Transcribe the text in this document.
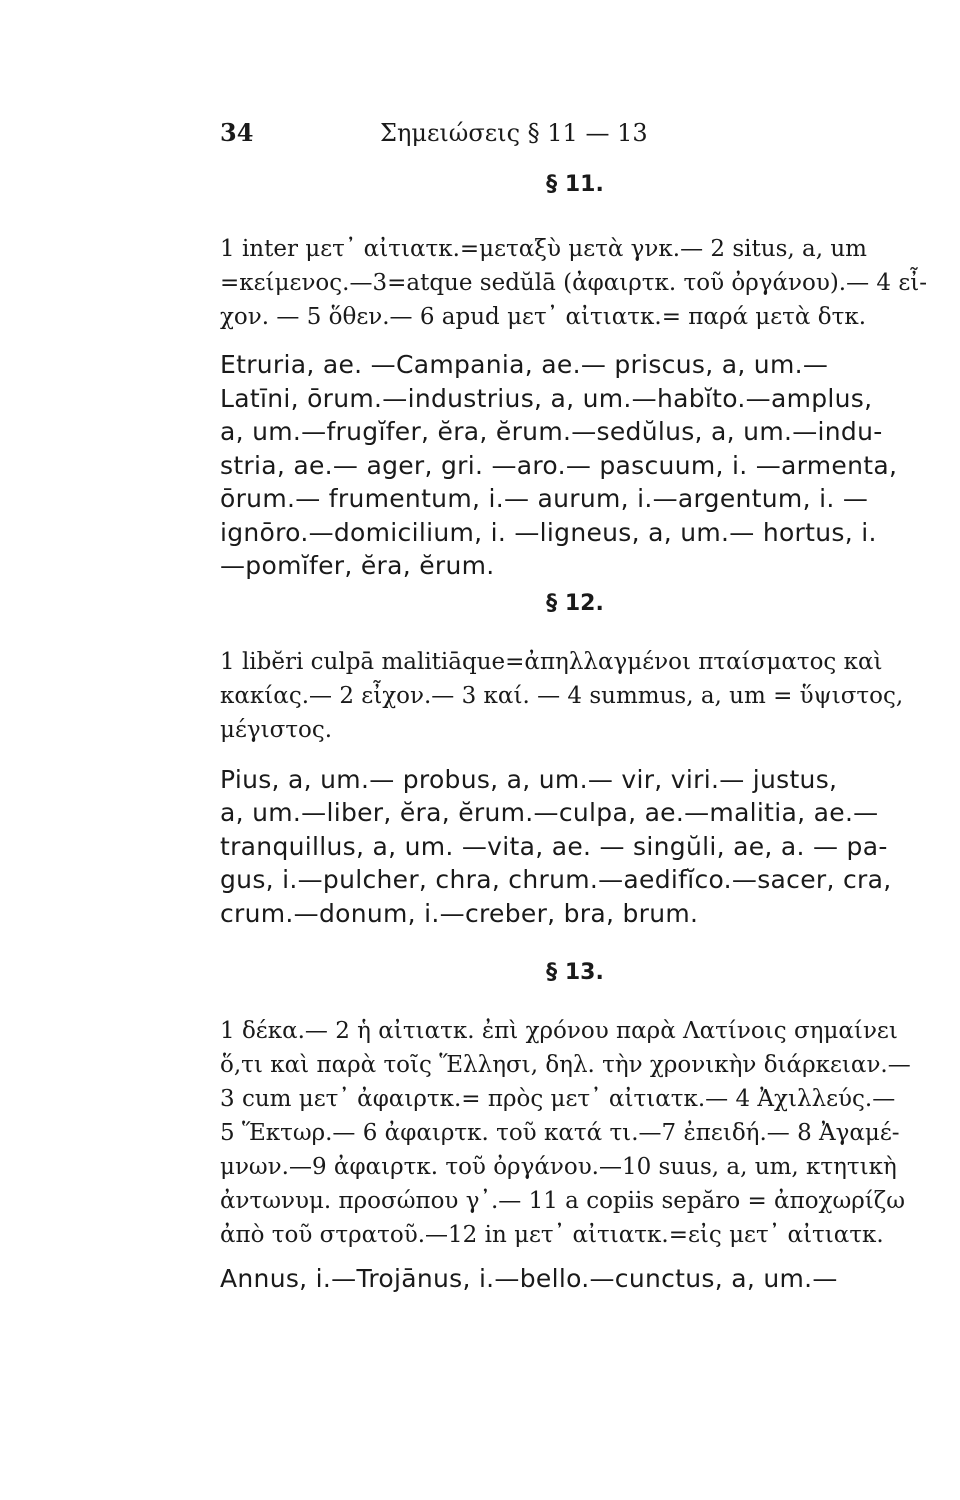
34	Σημειώσεις § 11 — 13
§ 11.

1 inter μετ᾿ αἰτιατκ.=μεταξὺ μετὰ γνκ.— 2 situs, a, um
=κείμενος.—3=atque sedŭlā (ἀφαιρτκ. τοῦ ὀργάνου).— 4 εἶ-
χον. — 5 ὅθεν.— 6 apud μετ᾿ αἰτιατκ.= παρά μετὰ δτκ.

Etruria, ae. —Campania, ae.— priscus, a, um.—
Latīni, ōrum.—industrius, a, um.—habĭto.—amplus,
a, um.—frugĭfer, ĕra, ĕrum.—sedŭlus, a, um.—indu-
stria, ae.— ager, gri. —aro.— pascuum, i. —armenta,
ōrum.— frumentum, i.— aurum, i.—argentum, i. —
ignōro.—domicilium, i. —ligneus, a, um.— hortus, i.
—pomĭfer, ĕra, ĕrum.

§ 12.

1 libĕri culpā malitiāque=ἀπηλλαγμένοι πταίσματος καὶ
κακίας.— 2 εἶχον.— 3 καί. — 4 summus, a, um = ὕψιστος,
μέγιστος.

Pius, a, um.— probus, a, um.— vir, viri.— justus,
a, um.—liber, ĕra, ĕrum.—culpa, ae.—malitia, ae.—
tranquillus, a, um. —vita, ae. — singŭli, ae, a. — pa-
gus, i.—pulcher, chra, chrum.—aedifĭco.—sacer, cra,
crum.—donum, i.—creber, bra, brum.

§ 13.

1 δέκα.— 2 ἡ αἰτιατκ. ἐπὶ χρόνου παρὰ Λατίνοις σημαίνει
ὅ,τι καὶ παρὰ τοῖς Ἕλλησι, δηλ. τὴν χρονικὴν διάρκειαν.—
3 cum μετ᾿ ἀφαιρτκ.= πρὸς μετ᾿ αἰτιατκ.— 4 Ἀχιλλεύς.—
5 Ἕκτωρ.— 6 ἀφαιρτκ. τοῦ κατά τι.—7 ἐπειδή.— 8 Ἀγαμέ-
μνων.—9 ἀφαιρτκ. τοῦ ὀργάνου.—10 suus, a, um, κτητικὴ
ἀντωνυμ. προσώπου γ᾿.— 11 a copiis sepăro = ἀποχωρίζω
ἀπὸ τοῦ στρατοῦ.—12 in μετ᾿ αἰτιατκ.=εἰς μετ᾿ αἰτιατκ.

Annus, i.—Trojānus, i.—bello.—cunctus, a, um.—
